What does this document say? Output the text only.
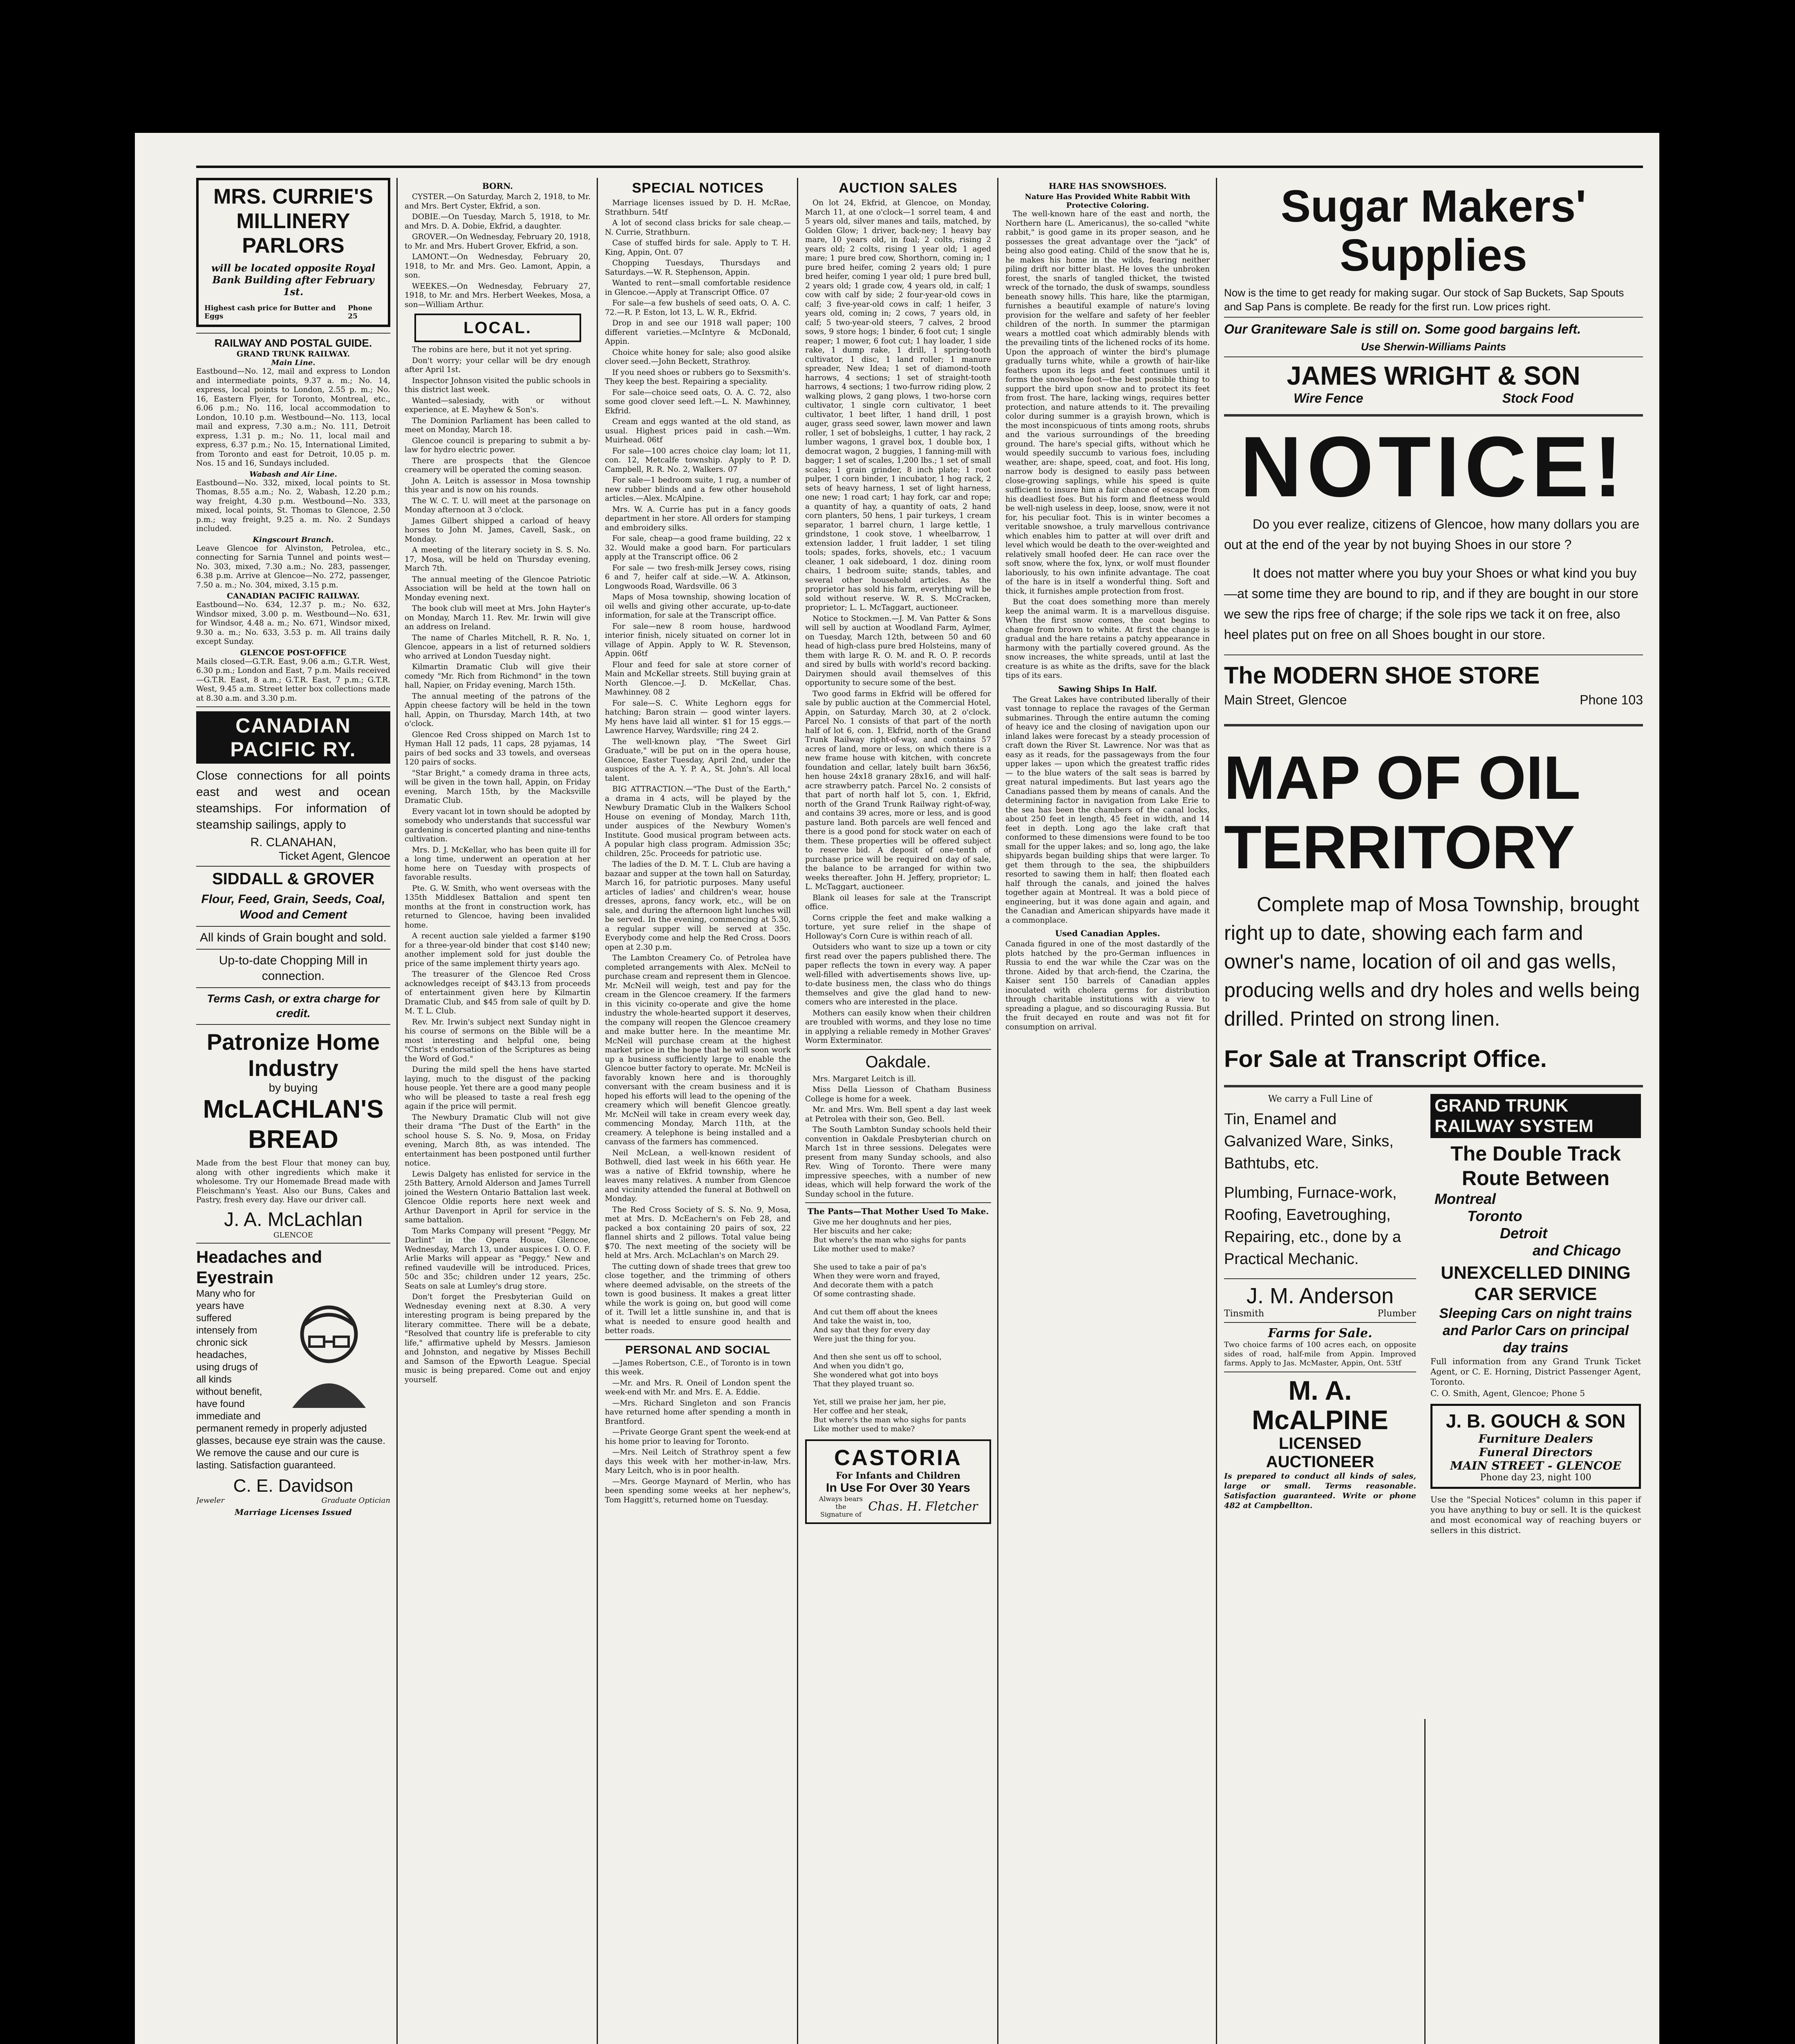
MRS. CURRIE'S MILLINERY PARLORS
will be located opposite Royal Bank Building after February 1st.
Highest cash price for Butter and Eggs
Phone 25
RAILWAY AND POSTAL GUIDE.
GRAND TRUNK RAILWAY.
Main Line.

Eastbound—No. 12, mail and express to London and intermediate points, 9.37 a. m.; No. 14, express, local points to London, 2.55 p. m.; No. 16, Eastern Flyer, for Toronto, Montreal, etc., 6.06 p.m.; No. 116, local accommodation to London, 10.10 p.m. Westbound—No. 113, local mail and express, 7.30 a.m.; No. 111, Detroit express, 1.31 p. m.; No. 11, local mail and express, 6.37 p.m.; No. 15, International Limited, from Toronto and east for Detroit, 10.05 p. m. Nos. 15 and 16, Sundays included.

Wabash and Air Line.

Eastbound—No. 332, mixed, local points to St. Thomas, 8.55 a.m.; No. 2, Wabash, 12.20 p.m.; way freight, 4.30 p.m. Westbound—No. 333, mixed, local points, St. Thomas to Glencoe, 2.50 p.m.; way freight, 9.25 a. m. No. 2 Sundays included.

Kingscourt Branch.

Leave Glencoe for Alvinston, Petrolea, etc., connecting for Sarnia Tunnel and points west—No. 303, mixed, 7.30 a.m.; No. 283, passenger, 6.38 p.m. Arrive at Glencoe—No. 272, passenger, 7.50 a. m.; No. 304, mixed, 3.15 p.m.

CANADIAN PACIFIC RAILWAY.

Eastbound—No. 634, 12.37 p. m.; No. 632, Windsor mixed, 3.00 p. m. Westbound—No. 631, for Windsor, 4.48 a. m.; No. 671, Windsor mixed, 9.30 a. m.; No. 633, 3.53 p. m. All trains daily except Sunday.

GLENCOE POST-OFFICE

Mails closed—G.T.R. East, 9.06 a.m.; G.T.R. West, 6.30 p.m.; London and East, 7 p.m. Mails received—G.T.R. East, 8 a.m.; G.T.R. East, 7 p.m.; G.T.R. West, 9.45 a.m. Street letter box collections made at 8.30 a.m. and 3.30 p.m.

CANADIAN PACIFIC RY.
Close connections for all points east and west and ocean steamships. For information of steamship sailings, apply to
R. CLANAHAN,
Ticket Agent, Glencoe
SIDDALL & GROVER
Flour, Feed, Grain, Seeds, Coal, Wood and Cement
All kinds of Grain bought and sold.
Up-to-date Chopping Mill in connection.
Terms Cash, or extra charge for credit.
Patronize Home Industry
by buying
McLACHLAN'S BREAD

Made from the best Flour that money can buy, along with other ingredients which make it wholesome. Try our Homemade Bread made with Fleischmann's Yeast. Also our Buns, Cakes and Pastry, fresh every day. Have our driver call.

J. A. McLachlan
GLENCOE
Headaches and Eyestrain
Many who for years have suffered intensely from chronic sick headaches, using drugs of all kinds without benefit, have found immediate and permanent remedy in properly adjusted glasses, because eye strain was the cause. We remove the cause and our cure is lasting. Satisfaction guaranteed.
C. E. Davidson
Jeweler	Graduate Optician
Marriage Licenses Issued
BORN.

CYSTER.—On Saturday, March 2, 1918, to Mr. and Mrs. Bert Cyster, Ekfrid, a son.

DOBIE.—On Tuesday, March 5, 1918, to Mr. and Mrs. D. A. Dobie, Ekfrid, a daughter.

GROVER.—On Wednesday, February 20, 1918, to Mr. and Mrs. Hubert Grover, Ekfrid, a son.

LAMONT.—On Wednesday, February 20, 1918, to Mr. and Mrs. Geo. Lamont, Appin, a son.

WEEKES.—On Wednesday, February 27, 1918, to Mr. and Mrs. Herbert Weekes, Mosa, a son—William Arthur.

LOCAL.

The robins are here, but it not yet spring.

Don't worry; your cellar will be dry enough after April 1st.

Inspector Johnson visited the public schools in this district last week.

Wanted—salesiady, with or without experience, at E. Mayhew & Son's.

The Dominion Parliament has been called to meet on Monday, March 18.

Glencoe council is preparing to submit a by-law for hydro electric power.

There are prospects that the Glencoe creamery will be operated the coming season.

John A. Leitch is assessor in Mosa township this year and is now on his rounds.

The W. C. T. U. will meet at the parsonage on Monday afternoon at 3 o'clock.

James Gilbert shipped a carload of heavy horses to John M. James, Cavell, Sask., on Monday.

A meeting of the literary society in S. S. No. 17, Mosa, will be held on Thursday evening, March 7th.

The annual meeting of the Glencoe Patriotic Association will be held at the town hall on Monday evening next.

The book club will meet at Mrs. John Hayter's on Monday, March 11. Rev. Mr. Irwin will give an address on Ireland.

The name of Charles Mitchell, R. R. No. 1, Glencoe, appears in a list of returned soldiers who arrived at London Tuesday night.

Kilmartin Dramatic Club will give their comedy "Mr. Rich from Richmond" in the town hall, Napier, on Friday evening, March 15th.

The annual meeting of the patrons of the Appin cheese factory will be held in the town hall, Appin, on Thursday, March 14th, at two o'clock.

Glencoe Red Cross shipped on March 1st to Hyman Hall 12 pads, 11 caps, 28 pyjamas, 14 pairs of bed socks and 33 towels, and overseas 120 pairs of socks.

"Star Bright," a comedy drama in three acts, will be given in the town hall, Appin, on Friday evening, March 15th, by the Macksville Dramatic Club.

Every vacant lot in town should be adopted by somebody who understands that successful war gardening is concerted planting and nine-tenths cultivation.

Mrs. D. J. McKellar, who has been quite ill for a long time, underwent an operation at her home here on Tuesday with prospects of favorable results.

Pte. G. W. Smith, who went overseas with the 135th Middlesex Battalion and spent ten months at the front in construction work, has returned to Glencoe, having been invalided home.

A recent auction sale yielded a farmer $190 for a three-year-old binder that cost $140 new; another implement sold for just double the price of the same implement thirty years ago.

The treasurer of the Glencoe Red Cross acknowledges receipt of $43.13 from proceeds of entertainment given here by Kilmartin Dramatic Club, and $45 from sale of quilt by D. M. T. L. Club.

Rev. Mr. Irwin's subject next Sunday night in his course of sermons on the Bible will be a most interesting and helpful one, being "Christ's endorsation of the Scriptures as being the Word of God."

During the mild spell the hens have started laying, much to the disgust of the packing house people. Yet there are a good many people who will be pleased to taste a real fresh egg again if the price will permit.

The Newbury Dramatic Club will not give their drama "The Dust of the Earth" in the school house S. S. No. 9, Mosa, on Friday evening, March 8th, as was intended. The entertainment has been postponed until further notice.

Lewis Dalgety has enlisted for service in the 25th Battery, Arnold Alderson and James Turrell joined the Western Ontario Battalion last week. Glencoe Oldie reports here next week and Arthur Davenport in April for service in the same battalion.

Tom Marks Company will present "Peggy, Mr Darlint" in the Opera House, Glencoe, Wednesday, March 13, under auspices I. O. O. F. Arlie Marks will appear as "Peggy." New and refined vaudeville will be introduced. Prices, 50c and 35c; children under 12 years, 25c. Seats on sale at Lumley's drug store.

Don't forget the Presbyterian Guild on Wednesday evening next at 8.30. A very interesting program is being prepared by the literary committee. There will be a debate, "Resolved that country life is preferable to city life," affirmative upheld by Messrs. Jamieson and Johnston, and negative by Misses Bechill and Samson of the Epworth League. Special music is being prepared. Come out and enjoy yourself.

SPECIAL NOTICES

Marriage licenses issued by D. H. McRae, Strathburn. 54tf

A lot of second class bricks for sale cheap.—N. Currie, Strathburn.

Case of stuffed birds for sale. Apply to T. H. King, Appin, Ont. 07

Chopping Tuesdays, Thursdays and Saturdays.—W. R. Stephenson, Appin.

Wanted to rent—small comfortable residence in Glencoe.—Apply at Transcript Office. 07

For sale—a few bushels of seed oats, O. A. C. 72.—R. P. Eston, lot 13, L. W. R., Ekfrid.

Drop in and see our 1918 wall paper; 100 different varieties.—McIntyre & McDonald, Appin.

Choice white honey for sale; also good alsike clover seed.—John Beckett, Strathroy.

If you need shoes or rubbers go to Sexsmith's. They keep the best. Repairing a speciality.

For sale—choice seed oats, O. A. C. 72, also some good clover seed left.—L. N. Mawhinney, Ekfrid.

Cream and eggs wanted at the old stand, as usual. Highest prices paid in cash.—Wm. Muirhead. 06tf

For sale—100 acres choice clay loam; lot 11, con. 12, Metcalfe township. Apply to P. D. Campbell, R. R. No. 2, Walkers. 07

For sale—1 bedroom suite, 1 rug, a number of new rubber blinds and a few other household articles.—Alex. McAlpine.

Mrs. W. A. Currie has put in a fancy goods department in her store. All orders for stamping and embroidery silks.

For sale, cheap—a good frame building, 22 x 32. Would make a good barn. For particulars apply at the Transcript office. 06 2

For sale — two fresh-milk Jersey cows, rising 6 and 7, heifer calf at side.—W. A. Atkinson, Longwoods Road, Wardsville. 06 3

Maps of Mosa township, showing location of oil wells and giving other accurate, up-to-date information, for sale at the Transcript office.

For sale—new 8 room house, hardwood interior finish, nicely situated on corner lot in village of Appin. Apply to W. R. Stevenson, Appin. 06tf

Flour and feed for sale at store corner of Main and McKellar streets. Still buying grain at North Glencoe.—J. D. McKellar, Chas. Mawhinney. 08 2

For sale—S. C. White Leghorn eggs for hatching; Baron strain — good winter layers. My hens have laid all winter. $1 for 15 eggs.—Lawrence Harvey, Wardsville; ring 24 2.

The well-known play, "The Sweet Girl Graduate," will be put on in the opera house, Glencoe, Easter Tuesday, April 2nd, under the auspices of the A. Y. P. A., St. John's. All local talent.

BIG ATTRACTION.—"The Dust of the Earth," a drama in 4 acts, will be played by the Newbury Dramatic Club in the Walkers School House on evening of Monday, March 11th, under auspices of the Newbury Women's Institute. Good musical program between acts. A popular high class program. Admission 35c; children, 25c. Proceeds for patriotic use.

The ladies of the D. M. T. L. Club are having a bazaar and supper at the town hall on Saturday, March 16, for patriotic purposes. Many useful articles of ladies' and children's wear, house dresses, aprons, fancy work, etc., will be on sale, and during the afternoon light lunches will be served. In the evening, commencing at 5.30, a regular supper will be served at 35c. Everybody come and help the Red Cross. Doors open at 2.30 p.m.

The Lambton Creamery Co. of Petrolea have completed arrangements with Alex. McNeil to purchase cream and represent them in Glencoe. Mr. McNeil will weigh, test and pay for the cream in the Glencoe creamery. If the farmers in this vicinity co-operate and give the home industry the whole-hearted support it deserves, the company will reopen the Glencoe creamery and make butter here. In the meantime Mr. McNeil will purchase cream at the highest market price in the hope that he will soon work up a business sufficiently large to enable the Glencoe butter factory to operate. Mr. McNeil is favorably known here and is thoroughly conversant with the cream business and it is hoped his efforts will lead to the opening of the creamery which will benefit Glencoe greatly. Mr. McNeil will take in cream every week day, commencing Monday, March 11th, at the creamery. A telephone is being installed and a canvass of the farmers has commenced.

Neil McLean, a well-known resident of Bothwell, died last week in his 66th year. He was a native of Ekfrid township, where he leaves many relatives. A number from Glencoe and vicinity attended the funeral at Bothwell on Monday.

The Red Cross Society of S. S. No. 9, Mosa, met at Mrs. D. McEachern's on Feb 28, and packed a box containing 20 pairs of sox, 22 flannel shirts and 2 pillows. Total value being $70. The next meeting of the society will be held at Mrs. Arch. McLachlan's on March 29.

The cutting down of shade trees that grew too close together, and the trimming of others where deemed advisable, on the streets of the town is good business. It makes a great litter while the work is going on, but good will come of it. Twill let a little sunshine in, and that is what is needed to ensure good health and better roads.

PERSONAL AND SOCIAL

—James Robertson, C.E., of Toronto is in town this week.

—Mr. and Mrs. R. Oneil of London spent the week-end with Mr. and Mrs. E. A. Eddie.

—Mrs. Richard Singleton and son Francis have returned home after spending a month in Brantford.

—Private George Grant spent the week-end at his home prior to leaving for Toronto.

—Mrs. Neil Leitch of Strathroy spent a few days this week with her mother-in-law, Mrs. Mary Leitch, who is in poor health.

—Mrs. George Maynard of Merlin, who has been spending some weeks at her nephew's, Tom Haggitt's, returned home on Tuesday.

AUCTION SALES

On lot 24, Ekfrid, at Glencoe, on Monday, March 11, at one o'clock—1 sorrel team, 4 and 5 years old, silver manes and tails, matched, by Golden Glow; 1 driver, back-ney; 1 heavy bay mare, 10 years old, in foal; 2 colts, rising 2 years old; 2 colts, rising 1 year old; 1 aged mare; 1 pure bred cow, Shorthorn, coming in; 1 pure bred heifer, coming 2 years old; 1 pure bred heifer, coming 1 year old; 1 pure bred bull, 2 years old; 1 grade cow, 4 years old, in calf; 1 cow with calf by side; 2 four-year-old cows in calf; 3 five-year-old cows in calf; 1 heifer, 3 years old, coming in; 2 cows, 7 years old, in calf; 5 two-year-old steers, 7 calves, 2 brood sows, 9 store hogs; 1 binder, 6 foot cut; 1 single reaper; 1 mower, 6 foot cut; 1 hay loader, 1 side rake, 1 dump rake, 1 drill, 1 spring-tooth cultivator, 1 disc, 1 land roller; 1 manure spreader, New Idea; 1 set of diamond-tooth harrows, 4 sections; 1 set of straight-tooth harrows, 4 sections; 1 two-furrow riding plow, 2 walking plows, 2 gang plows, 1 two-horse corn cultivator, 1 single corn cultivator, 1 beet cultivator, 1 beet lifter, 1 hand drill, 1 post auger, grass seed sower, lawn mower and lawn roller, 1 set of bobsleighs, 1 cutter, 1 hay rack, 2 lumber wagons, 1 gravel box, 1 double box, 1 democrat wagon, 2 buggies, 1 fanning-mill with bagger; 1 set of scales, 1,200 lbs.; 1 set of small scales; 1 grain grinder, 8 inch plate; 1 root pulper, 1 corn binder, 1 incubator, 1 hog rack, 2 sets of heavy harness, 1 set of light harness, one new; 1 road cart; 1 hay fork, car and rope; a quantity of hay, a quantity of oats, 2 hand corn planters, 50 hens, 1 pair turkeys, 1 cream separator, 1 barrel churn, 1 large kettle, 1 grindstone, 1 cook stove, 1 wheelbarrow, 1 extension ladder, 1 fruit ladder, 1 set tiling tools; spades, forks, shovels, etc.; 1 vacuum cleaner, 1 oak sideboard, 1 doz. dining room chairs, 1 bedroom suite; stands, tables, and several other household articles. As the proprietor has sold his farm, everything will be sold without reserve. W. R. S. McCracken, proprietor; L. L. McTaggart, auctioneer.

Notice to Stockmen.—J. M. Van Patter & Sons will sell by auction at Woodland Farm, Aylmer, on Tuesday, March 12th, between 50 and 60 head of high-class pure bred Holsteins, many of them with large R. O. M. and R. O. P. records and sired by bulls with world's record backing. Dairymen should avail themselves of this opportunity to secure some of the best.

Two good farms in Ekfrid will be offered for sale by public auction at the Commercial Hotel, Appin, on Saturday, March 30, at 2 o'clock. Parcel No. 1 consists of that part of the north half of lot 6, con. 1, Ekfrid, north of the Grand Trunk Railway right-of-way, and contains 57 acres of land, more or less, on which there is a new frame house with kitchen, with concrete foundation and cellar, lately built barn 36x56, hen house 24x18 granary 28x16, and will half-acre strawberry patch. Parcel No. 2 consists of that part of north half lot 5, con. 1, Ekfrid, north of the Grand Trunk Railway right-of-way, and contains 39 acres, more or less, and is good pasture land. Both parcels are well fenced and there is a good pond for stock water on each of them. These properties will be offered subject to reserve bid. A deposit of one-tenth of purchase price will be required on day of sale, the balance to be arranged for within two weeks thereafter. John H. Jeffery, proprietor; L. L. McTaggart, auctioneer.

Blank oil leases for sale at the Transcript office.

Corns cripple the feet and make walking a torture, yet sure relief in the shape of Holloway's Corn Cure is within reach of all.

Outsiders who want to size up a town or city first read over the papers published there. The paper reflects the town in every way. A paper well-filled with advertisements shows live, up-to-date business men, the class who do things themselves and give the glad hand to new-comers who are interested in the place.

Mothers can easily know when their children are troubled with worms, and they lose no time in applying a reliable remedy in Mother Graves' Worm Exterminator.

Oakdale.

Mrs. Margaret Leitch is ill.

Miss Della Liesson of Chatham Business College is home for a week.

Mr. and Mrs. Wm. Bell spent a day last week at Petrolea with their son, Geo. Bell.

The South Lambton Sunday schools held their convention in Oakdale Presbyterian church on March 1st in three sessions. Delegates were present from many Sunday schools, and also Rev. Wing of Toronto. There were many impressive speeches, with a number of new ideas, which will help forward the work of the Sunday school in the future.

The Pants—That Mother Used To Make.
Give me her doughnuts and her pies,
Her biscuits and her cake;
But where's the man who sighs for pants
Like mother used to make?

She used to take a pair of pa's
When they were worn and frayed,
And decorate them with a patch
Of some contrasting shade.

And cut them off about the knees
And take the waist in, too,
And say that they for every day
Were just the thing for you.

And then she sent us off to school,
And when you didn't go,
She wondered what got into boys
That they played truant so.

Yet, still we praise her jam, her pie,
Her coffee and her steak,
But where's the man who sighs for pants
Like mother used to make?
CASTORIA
For Infants and Children
In Use For Over 30 Years
Always bears the Signature of
Chas. H. Fletcher
HARE HAS SNOWSHOES.
Nature Has Provided White Rabbit With Protective Coloring.

The well-known hare of the east and north, the Northern hare (L. Americanus), the so-called "white rabbit," is good game in its proper season, and he possesses the great advantage over the "jack" of being also good eating. Child of the snow that he is, he makes his home in the wilds, fearing neither piling drift nor bitter blast. He loves the unbroken forest, the snarls of tangled thicket, the twisted wreck of the tornado, the dusk of swamps, soundless beneath snowy hills. This hare, like the ptarmigan, furnishes a beautiful example of nature's loving provision for the welfare and safety of her feebler children of the north. In summer the ptarmigan wears a mottled coat which admirably blends with the prevailing tints of the lichened rocks of its home. Upon the approach of winter the bird's plumage gradually turns white, while a growth of hair-like feathers upon its legs and feet continues until it forms the snowshoe foot—the best possible thing to support the bird upon snow and to protect its feet from frost. The hare, lacking wings, requires better protection, and nature attends to it. The prevailing color during summer is a grayish brown, which is the most inconspicuous of tints among roots, shrubs and the various surroundings of the breeding ground. The hare's special gifts, without which he would speedily succumb to various foes, including weather, are: shape, speed, coat, and foot. His long, narrow body is designed to easily pass between close-growing saplings, while his speed is quite sufficient to insure him a fair chance of escape from his deadliest foes. But his form and fleetness would be well-nigh useless in deep, loose, snow, were it not for, his peculiar foot. This is in winter becomes a veritable snowshoe, a truly marvellous contrivance which enables him to patter at will over drift and level which would be death to the over-weighted and relatively small hoofed deer. He can race over the soft snow, where the fox, lynx, or wolf must flounder laboriously, to his own infinite advantage. The coat of the hare is in itself a wonderful thing. Soft and thick, it furnishes ample protection from frost.

But the coat does something more than merely keep the animal warm. It is a marvellous disguise. When the first snow comes, the coat begins to change from brown to white. At first the change is gradual and the hare retains a patchy appearance in harmony with the partially covered ground. As the snow increases, the white spreads, until at last the creature is as white as the drifts, save for the black tips of its ears.

Sawing Ships In Half.

The Great Lakes have contributed liberally of their vast tonnage to replace the ravages of the German submarines. Through the entire autumn the coming of heavy ice and the closing of navigation upon our inland lakes were forecast by a steady procession of craft down the River St. Lawrence. Nor was that as easy as it reads, for the passageways from the four upper lakes — upon which the greatest traffic rides — to the blue waters of the salt seas is barred by great natural impediments. But last years ago the Canadians passed them by means of canals. And the determining factor in navigation from Lake Erie to the sea has been the chambers of the canal locks, about 250 feet in length, 45 feet in width, and 14 feet in depth. Long ago the lake craft that conformed to these dimensions were found to be too small for the upper lakes; and so, long ago, the lake shipyards began building ships that were larger. To get them through to the sea, the shipbuilders resorted to sawing them in half; then floated each half through the canals, and joined the halves together again at Montreal. It was a bold piece of engineering, but it was done again and again, and the Canadian and American shipyards have made it a commonplace.

Used Canadian Apples.

Canada figured in one of the most dastardly of the plots hatched by the pro-German influences in Russia to end the war while the Czar was on the throne. Aided by that arch-fiend, the Czarina, the Kaiser sent 150 barrels of Canadian apples inoculated with cholera germs for distribution through charitable institutions with a view to spreading a plague, and so discouraging Russia. But the fruit decayed en route and was not fit for consumption on arrival.

Sugar Makers' Supplies
Now is the time to get ready for making sugar. Our stock of Sap Buckets, Sap Spouts and Sap Pans is complete. Be ready for the first run. Low prices right.
Our Graniteware Sale is still on. Some good bargains left.
Use Sherwin-Williams Paints
JAMES WRIGHT & SON
Wire Fence	Stock Food
NOTICE!
Do you ever realize, citizens of Glencoe, how many dollars you are out at the end of the year by not buying Shoes in our store ?
It does not matter where you buy your Shoes or what kind you buy—at some time they are bound to rip, and if they are bought in our store we sew the rips free of charge; if the sole rips we tack it on free, also heel plates put on free on all Shoes bought in our store.
The MODERN SHOE STORE
Main Street, Glencoe	Phone 103
MAP OF OIL TERRITORY
Complete map of Mosa Township, brought right up to date, showing each farm and owner's name, location of oil and gas wells, producing wells and dry holes and wells being drilled. Printed on strong linen.
For Sale at Transcript Office.
We carry a Full Line of
Tin, Enamel and Galvanized Ware, Sinks, Bathtubs, etc.
Plumbing, Furnace-work, Roofing, Eavetroughing, Repairing, etc., done by a Practical Mechanic.
J. M. Anderson
Tinsmith	Plumber
Farms for Sale.

Two choice farms of 100 acres each, on opposite sides of road, half-mile from Appin. Improved farms. Apply to Jas. McMaster, Appin, Ont. 53tf

M. A. McALPINE
LICENSED AUCTIONEER

Is prepared to conduct all kinds of sales, large or small. Terms reasonable. Satisfaction guaranteed. Write or phone 482 at Campbellton.

GRAND TRUNK RAILWAY SYSTEM
The Double Track Route Between
Montreal
Toronto
Detroit
and Chicago
UNEXCELLED DINING CAR SERVICE
Sleeping Cars on night trains and Parlor Cars on principal day trains

Full information from any Grand Trunk Ticket Agent, or C. E. Horning, District Passenger Agent, Toronto.

C. O. Smith, Agent, Glencoe; Phone 5

J. B. GOUCH & SON
Furniture Dealers
Funeral Directors
MAIN STREET - GLENCOE
Phone day 23, night 100

Use the "Special Notices" column in this paper if you have anything to buy or sell. It is the quickest and most economical way of reaching buyers or sellers in this district.
